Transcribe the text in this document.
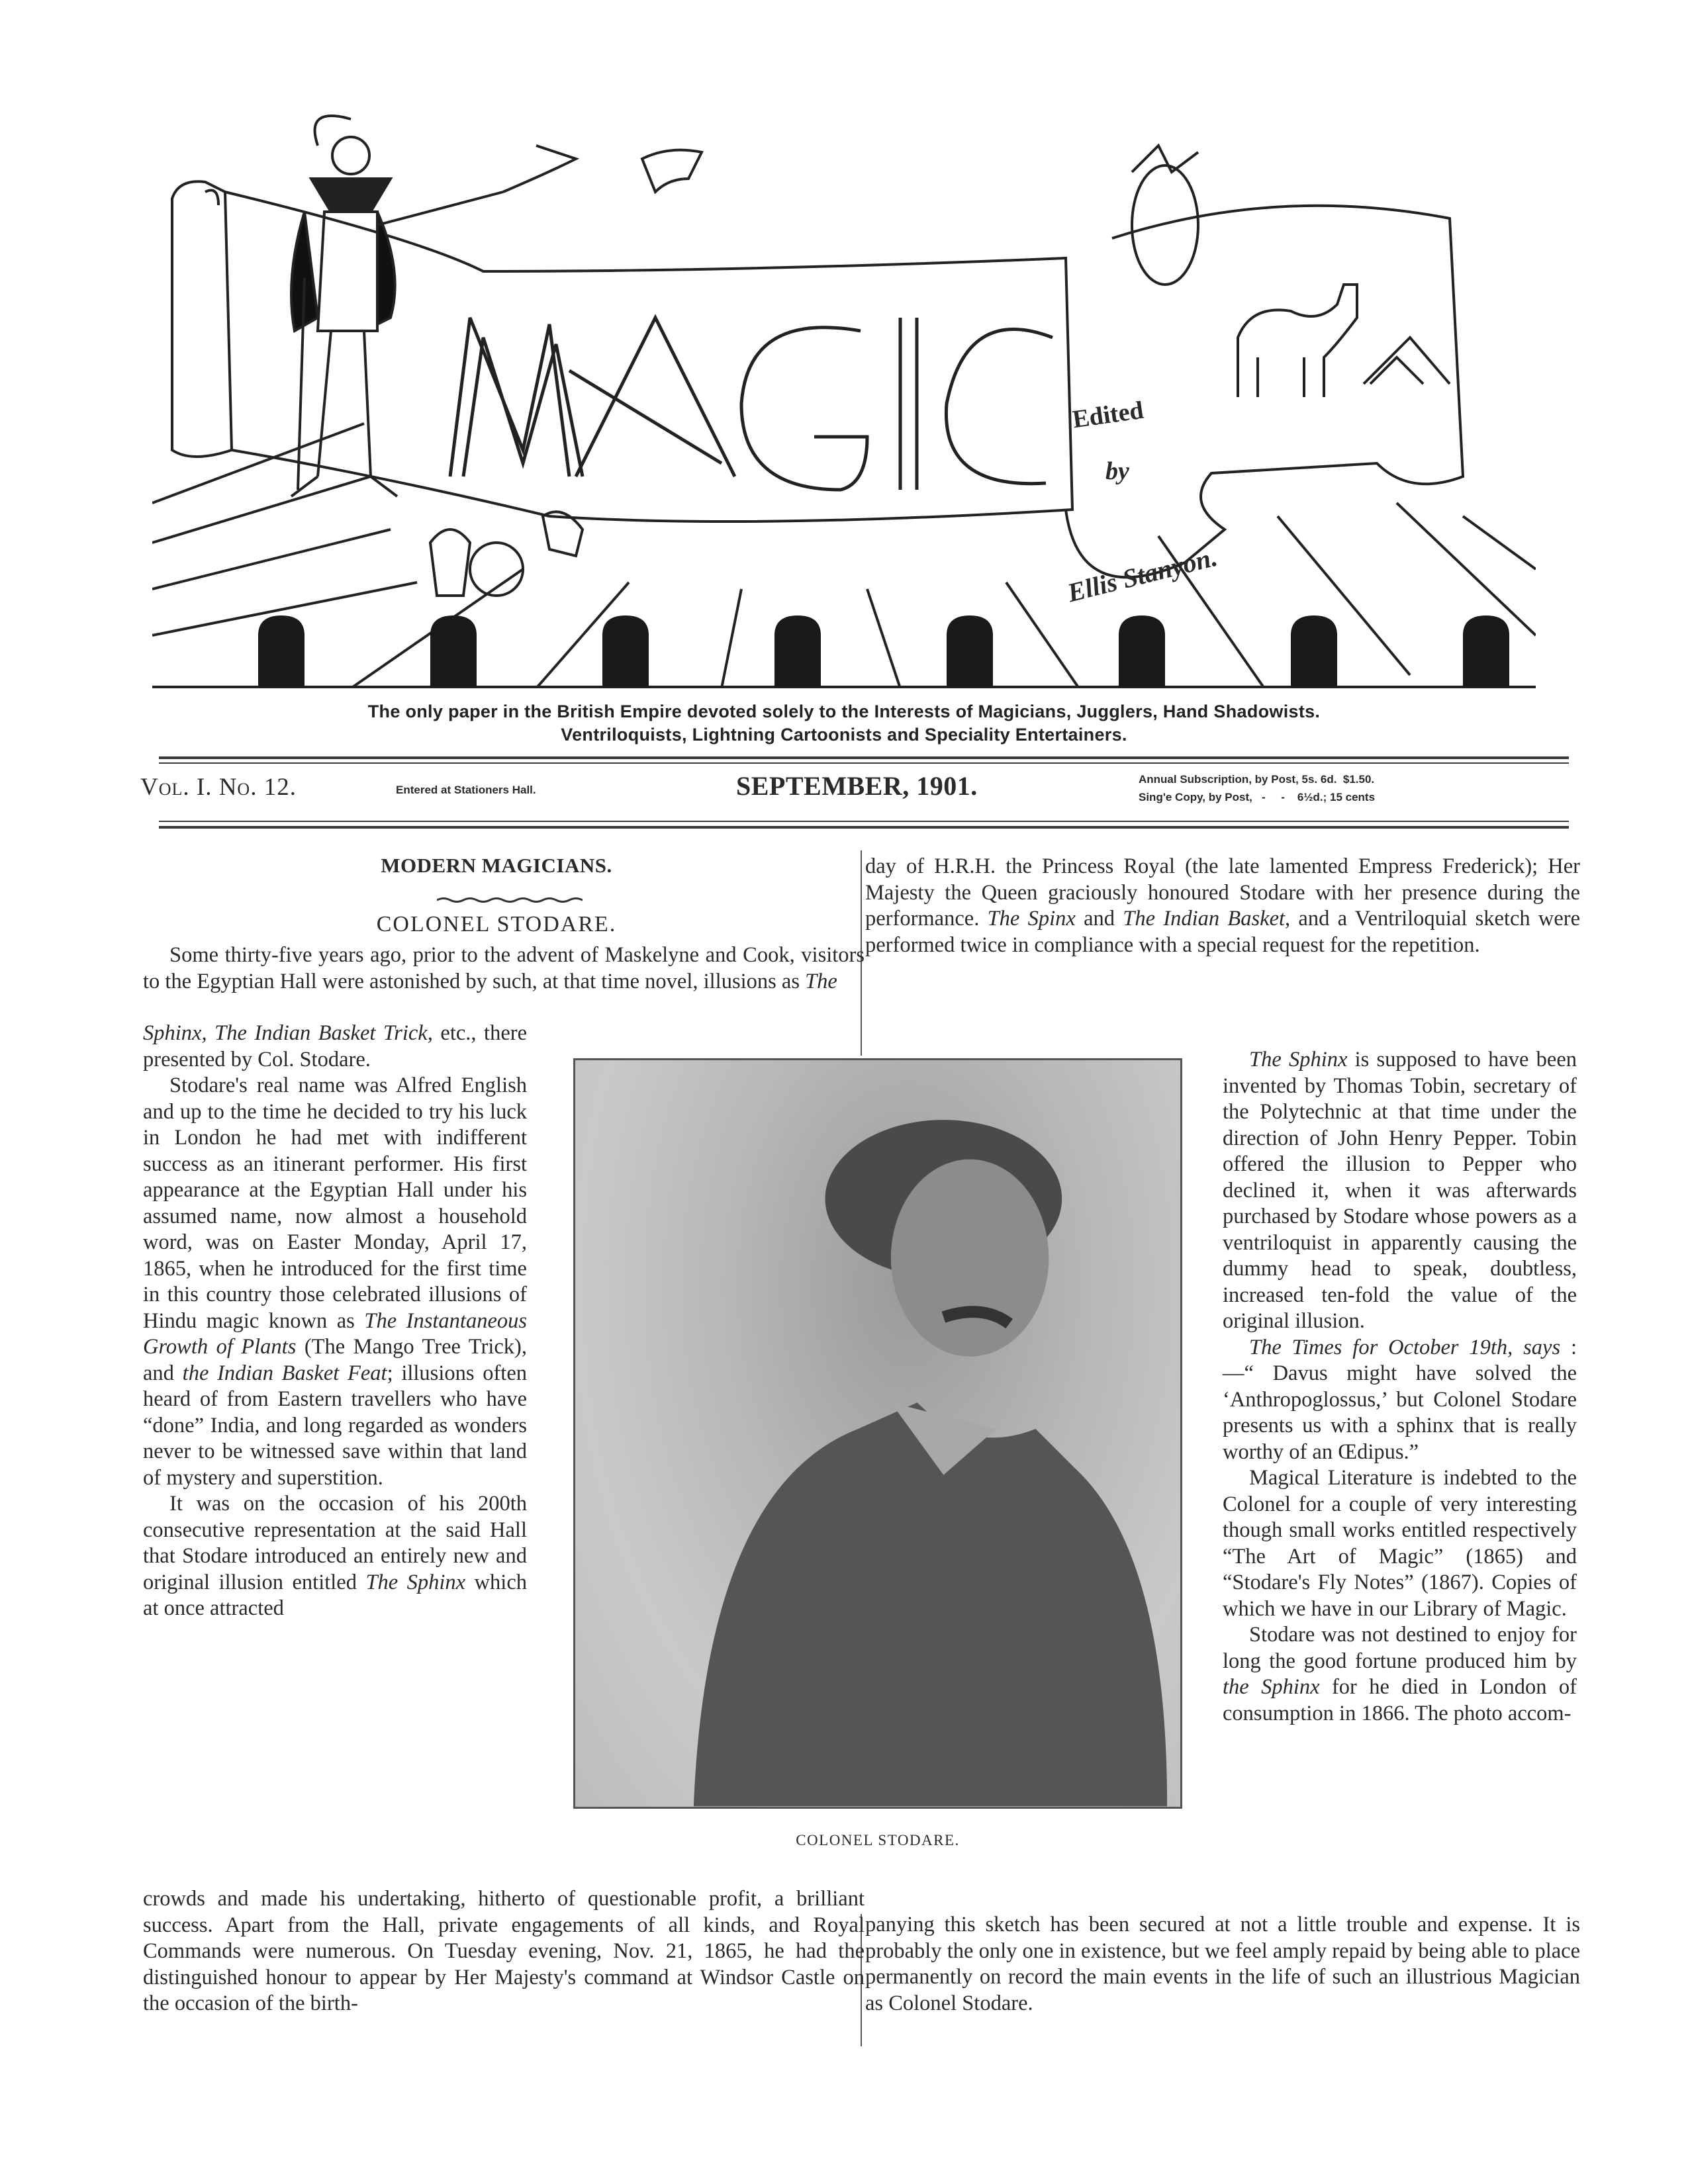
Edited
by
Ellis Stanyon.
The only paper in the British Empire devoted solely to the Interests of Magicians, Jugglers, Hand Shadowists.
Ventriloquists, Lightning Cartoonists and Speciality Entertainers.
Vol. I. No. 12.	Entered at Stationers Hall.	SEPTEMBER, 1901.	Annual Subscription, by Post, 5s. 6d.  $1.50.
Sing'e Copy, by Post,   -     -    6½d.; 15 cents
MODERN MAGICIANS.
COLONEL STODARE.

Some thirty-five years ago, prior to the advent of Maskelyne and Cook, visitors to the Egyptian Hall were astonished by such, at that time novel, illusions as The

Sphinx, The Indian Basket Trick, etc., there presented by Col. Stodare.

Stodare's real name was Alfred English and up to the time he decided to try his luck in London he had met with indifferent success as an itinerant performer. His first appearance at the Egyptian Hall under his assumed name, now almost a household word, was on Easter Monday, April 17, 1865, when he introduced for the first time in this country those celebrated illusions of Hindu magic known as The Instantaneous Growth of Plants (The Mango Tree Trick), and the Indian Basket Feat; illusions often heard of from Eastern travellers who have “done” India, and long regarded as wonders never to be witnessed save within that land of mystery and superstition.

It was on the occasion of his 200th consecutive representation at the said Hall that Stodare introduced an entirely new and original illusion entitled The Sphinx which at once attracted

crowds and made his undertaking, hitherto of questionable profit, a brilliant success. Apart from the Hall, private engagements of all kinds, and Royal Commands were numerous. On Tuesday evening, Nov. 21, 1865, he had the distinguished honour to appear by Her Majesty's command at Windsor Castle on the occasion of the birth-

COLONEL STODARE.

day of H.R.H. the Princess Royal (the late lamented Empress Frederick); Her Majesty the Queen graciously honoured Stodare with her presence during the performance. The Spinx and The Indian Basket, and a Ventriloquial sketch were performed twice in compliance with a special request for the repetition.

The Sphinx is supposed to have been invented by Thomas Tobin, secretary of the Polytechnic at that time under the direction of John Henry Pepper. Tobin offered the illusion to Pepper who declined it, when it was afterwards purchased by Stodare whose powers as a ventriloquist in apparently causing the dummy head to speak, doubtless, increased ten-fold the value of the original illusion.

The Times for October 19th, says :—“ Davus might have solved the ‘Anthropoglossus,’ but Colonel Stodare presents us with a sphinx that is really worthy of an Œdipus.”

Magical Literature is indebted to the Colonel for a couple of very interesting though small works entitled respectively “The Art of Magic” (1865) and “Stodare's Fly Notes” (1867). Copies of which we have in our Library of Magic.

Stodare was not destined to enjoy for long the good fortune produced him by the Sphinx for he died in London of consumption in 1866. The photo accom-

panying this sketch has been secured at not a little trouble and expense. It is probably the only one in existence, but we feel amply repaid by being able to place permanently on record the main events in the life of such an illustrious Magician as Colonel Stodare.
